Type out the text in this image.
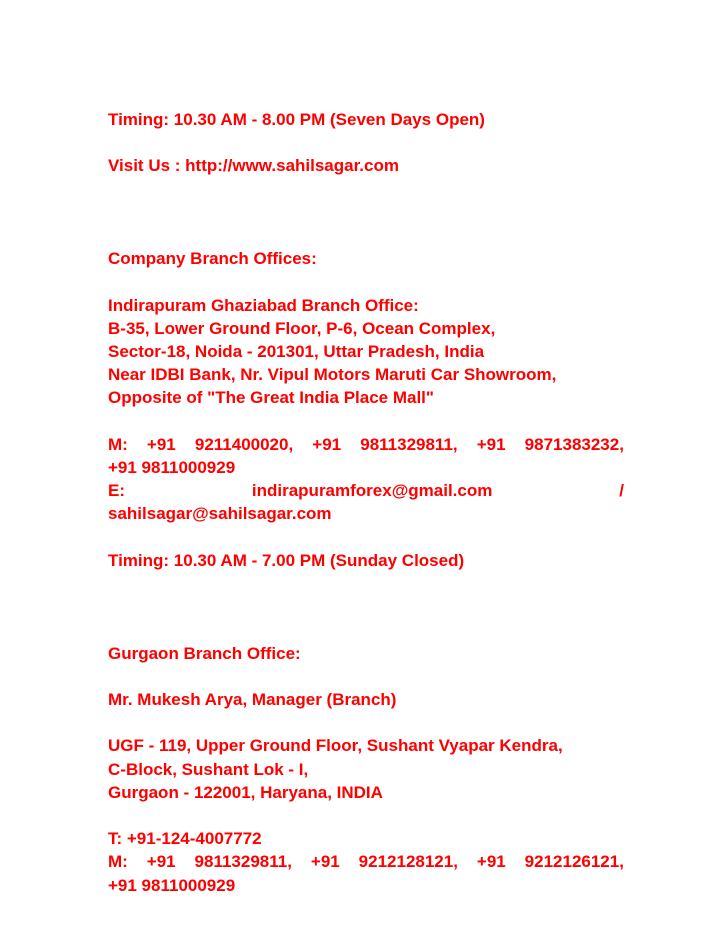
Timing: 10.30 AM - 8.00 PM (Seven Days Open)
Visit Us : http://www.sahilsagar.com
Company Branch Offices:
Indirapuram Ghaziabad Branch Office:
B-35, Lower Ground Floor, P-6, Ocean Complex,
Sector-18, Noida - 201301, Uttar Pradesh, India
Near IDBI Bank, Nr. Vipul Motors Maruti Car Showroom,
Opposite of "The Great India Place Mall"
M: +91 9211400020, +91 9811329811, +91 9871383232,
+91 9811000929
E:	indirapuramforex@gmail.com	/
sahilsagar@sahilsagar.com
Timing: 10.30 AM - 7.00 PM (Sunday Closed)
Gurgaon Branch Office:
Mr. Mukesh Arya, Manager (Branch)
UGF - 119, Upper Ground Floor, Sushant Vyapar Kendra,
C-Block, Sushant Lok - I,
Gurgaon - 122001, Haryana, INDIA
T: +91-124-4007772
M: +91 9811329811, +91 9212128121, +91 9212126121,
+91 9811000929
